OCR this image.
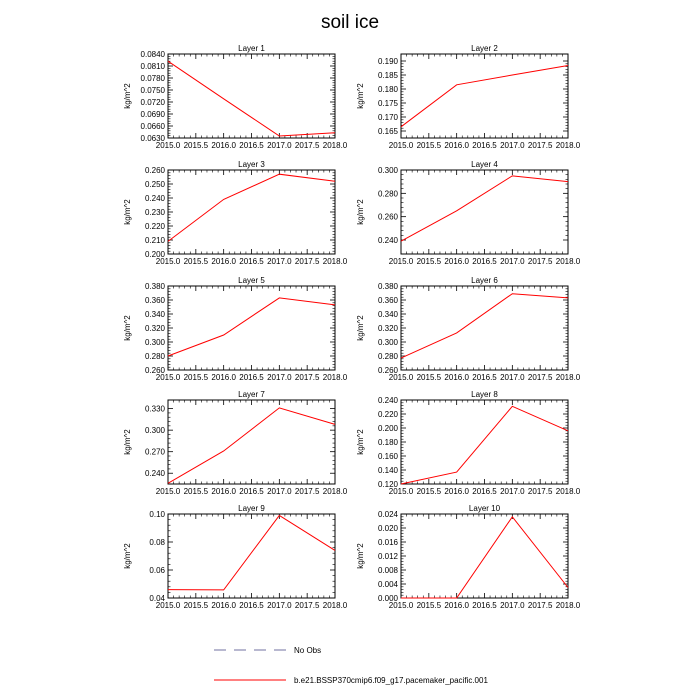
soil ice
Layer 1
2015.0 2015.5 2016.0 2016.5 2017.0 2017.5 2018.0
0.0630
0.0660
0.0690
0.0720
0.0750
0.0780
0.0810
0.0840
kg/m^2
Layer 2
2015.0 2015.5 2016.0 2016.5 2017.0 2017.5 2018.0
0.165
0.170
0.175
0.180
0.185
0.190
kg/m^2
Layer 3
2015.0 2015.5 2016.0 2016.5 2017.0 2017.5 2018.0
0.200
0.210
0.220
0.230
0.240
0.250
0.260
kg/m^2
Layer 4
2015.0 2015.5 2016.0 2016.5 2017.0 2017.5 2018.0
0.240
0.260
0.280
0.300
kg/m^2
Layer 5
2015.0 2015.5 2016.0 2016.5 2017.0 2017.5 2018.0
0.260
0.280
0.300
0.320
0.340
0.360
0.380
kg/m^2
Layer 6
2015.0 2015.5 2016.0 2016.5 2017.0 2017.5 2018.0
0.260
0.280
0.300
0.320
0.340
0.360
0.380
kg/m^2
Layer 7
2015.0 2015.5 2016.0 2016.5 2017.0 2017.5 2018.0
0.240
0.270
0.300
0.330
kg/m^2
Layer 8
2015.0 2015.5 2016.0 2016.5 2017.0 2017.5 2018.0
0.120
0.140
0.160
0.180
0.200
0.220
0.240
kg/m^2
Layer 9
2015.0 2015.5 2016.0 2016.5 2017.0 2017.5 2018.0
0.04
0.06
0.08
0.10
kg/m^2
Layer 10
2015.0 2015.5 2016.0 2016.5 2017.0 2017.5 2018.0
0.000
0.004
0.008
0.012
0.016
0.020
0.024
kg/m^2
No Obs
b.e21.BSSP370cmip6.f09_g17.pacemaker_pacific.001
